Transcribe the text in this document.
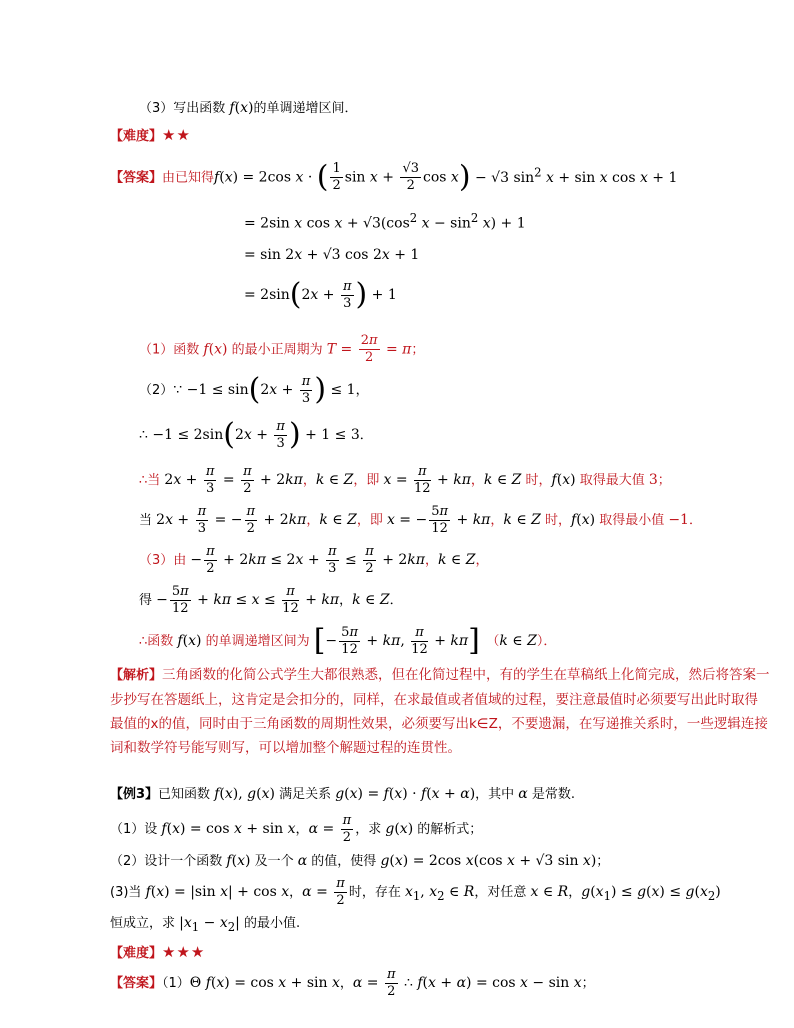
（3）写出函数 f(x)的单调递增区间．
【难度】★★
【答案】由已知得f(x) = 2cos x · ( $\frac{1}{2}$ $\sin x + \frac{√3}{2}$ cos x) − √3 $\sin^2 x + \sin x$ cos x + 1
= 2sin x $\cos x + √3(\cos^2$ $x - \sin^2 x) + 1$
= sin 2x + √3 cos 2x + 1
= $2\sin(2x + \frac{\pi}{3}$ ) + 1
（1）函数 f(x) 的最小正周期为 $T = \frac{2\pi}{2} = \pi$；
（2）∵ $-1 \le \sin(2x + \frac{\pi}{3}$ ) ≤ 1，
∴ $-1 \le 2\sin(2x + \frac{\pi}{3}$ ) + 1 ≤ 3．
∴当 $2x + \frac{\pi}{3} = \frac{\pi}{2} + 2k\pi$，k ∈ Z，即 $x = \frac{\pi}{12} + k\pi$，k ∈ Z 时，f(x) 取得最大值 3；
当 $2x + \frac{\pi}{3}$ = − $\frac{\pi}{2} + 2k\pi$，k ∈ Z，即 x = − $\frac{5\pi}{12} + k\pi$，k ∈ Z 时，f(x) 取得最小值 −1．
（3）由 − $\frac{\pi}{2} + 2k\pi \le 2x + \frac{\pi}{3} \le \frac{\pi}{2} + 2k\pi$，k ∈ Z，
得 − $\frac{5\pi}{12} + k\pi \le x \le \frac{\pi}{12} + k\pi$，k ∈ Z．
∴函数 f(x) 的单调递增区间为 [− $\frac{5\pi}{12} + k\pi$, $\frac{\pi}{12} + k\pi$]　（k ∈ Z）．
【解析】三角函数的化简公式学生大都很熟悉，但在化简过程中，有的学生在草稿纸上化简完成，然后将答案一步抄写在答题纸上，这肯定是会扣分的，同样，在求最值或者值域的过程，要注意最值时必须要写出此时取得最值的x的值，同时由于三角函数的周期性效果，必须要写出k∈Z，不要遗漏，在写递推关系时，一些逻辑连接词和数学符号能写则写，可以增加整个解题过程的连贯性。
【例3】已知函数 f(x), g(x) 满足关系 g(x) = f(x) · f(x + α)，其中 α 是常数.
（1）设 f(x) = cos x + sin x，$\alpha = \frac{\pi}{2}$ ，求 g(x) 的解析式；
（2）设计一个函数 f(x) 及一个 α 的值，使得 g(x) = 2cos x(cos x + √3 sin x)；
(3)当 f(x) = |sin x| + cos x，$\alpha = \frac{\pi}{2}$ 时，存在 $x_1$, $x_2$ ∈ R，对任意 x ∈ R，$g(x_1) \le g(x) \le g(x_2)$
恒成立，求 $|x_1 - x_2|$ 的最小值.
【难度】★★★
【答案】（1）Θ f(x) = cos x + sin x，$\alpha = \frac{\pi}{2}$ ∴ f(x + α) = cos x − sin x；
